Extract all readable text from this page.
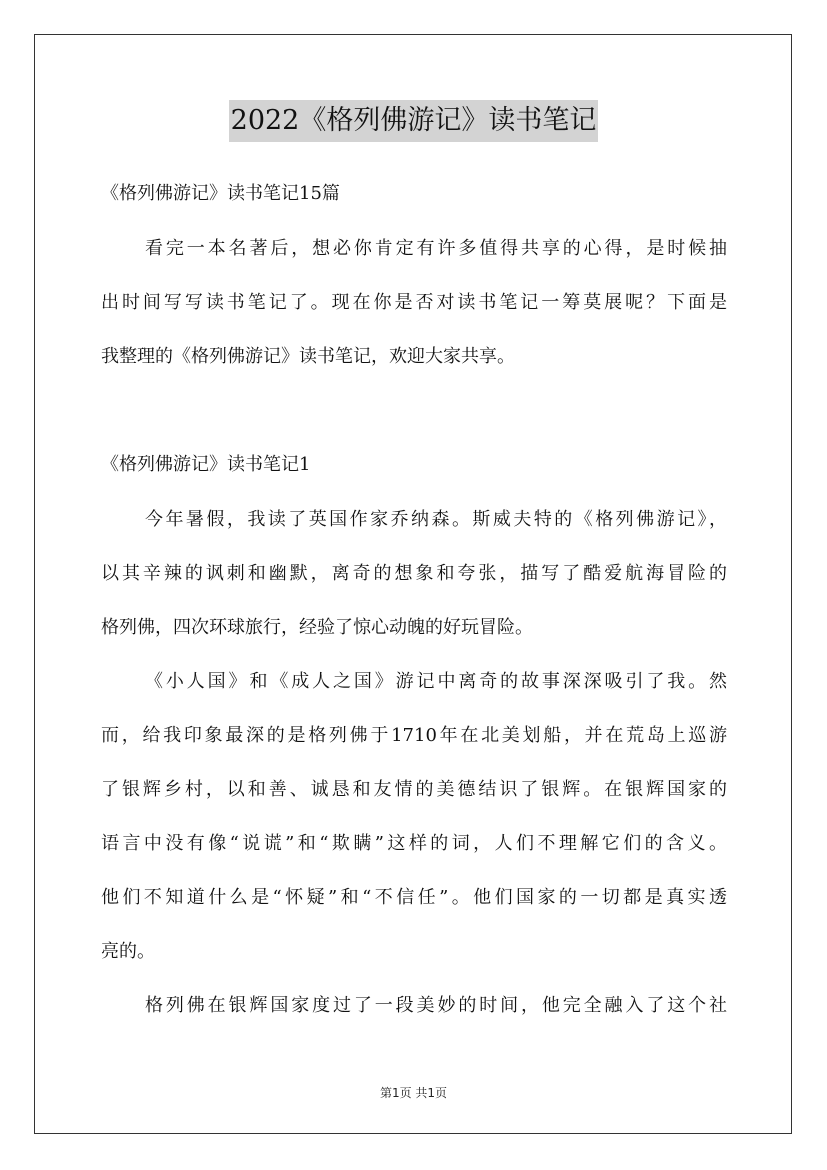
2022《格列佛游记》读书笔记
《格列佛游记》读书笔记15篇
看完一本名著后，想必你肯定有许多值得共享的心得，是时候抽
出时间写写读书笔记了。现在你是否对读书笔记一筹莫展呢？下面是
我整理的《格列佛游记》读书笔记，欢迎大家共享。
《格列佛游记》读书笔记1
今年暑假，我读了英国作家乔纳森。斯威夫特的《格列佛游记》，
以其辛辣的讽刺和幽默，离奇的想象和夸张，描写了酷爱航海冒险的
格列佛，四次环球旅行，经验了惊心动魄的好玩冒险。
《小人国》和《成人之国》游记中离奇的故事深深吸引了我。然
而，给我印象最深的是格列佛于1710年在北美划船，并在荒岛上巡游
了银辉乡村，以和善、诚恳和友情的美德结识了银辉。在银辉国家的
语言中没有像“说谎”和“欺瞒”这样的词，人们不理解它们的含义。
他们不知道什么是“怀疑”和“不信任”。他们国家的一切都是真实透
亮的。
格列佛在银辉国家度过了一段美妙的时间，他完全融入了这个社
第1页 共1页
